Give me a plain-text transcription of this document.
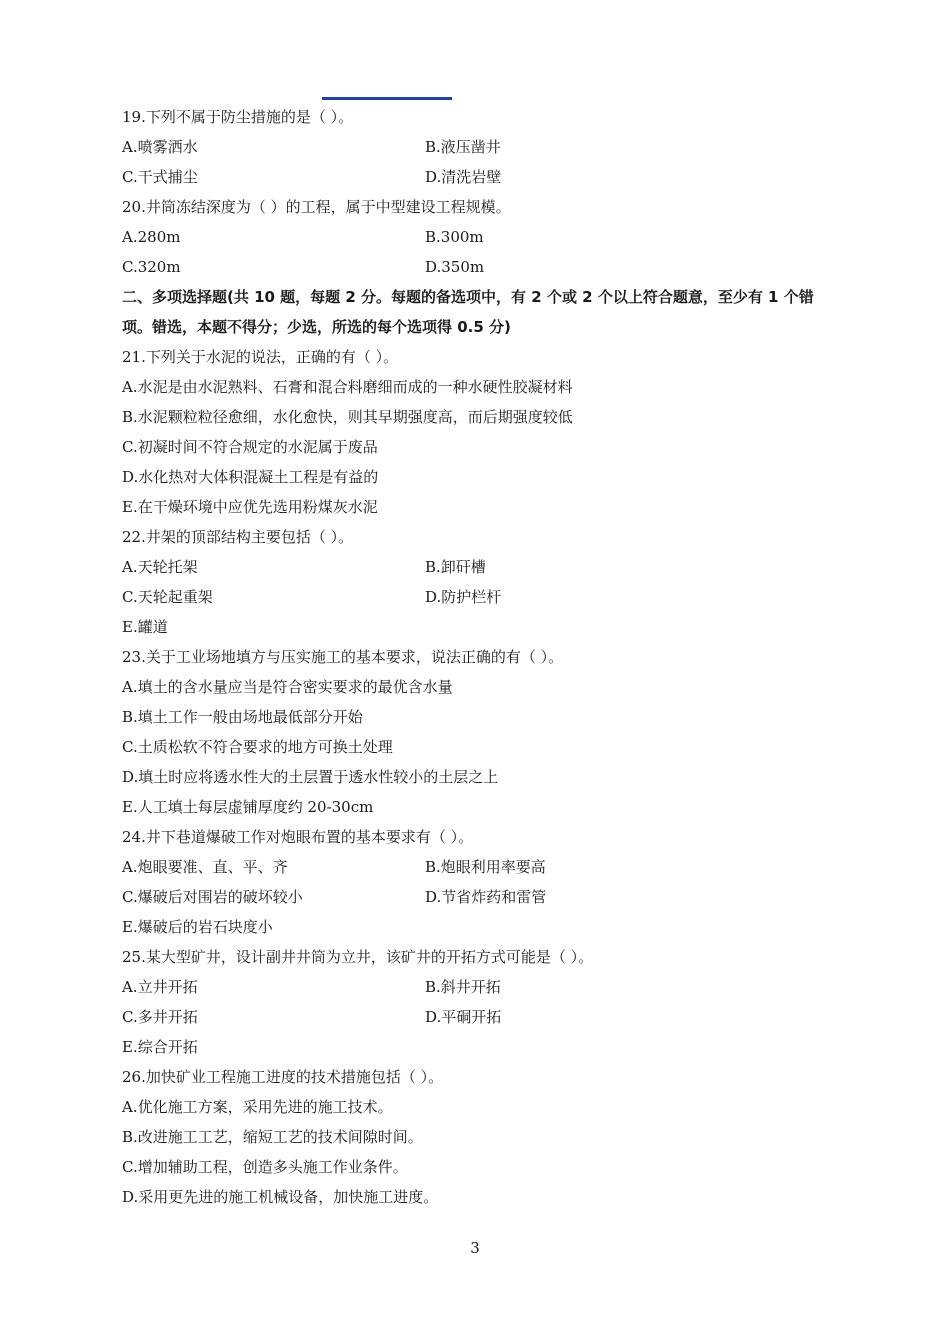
19.下列不属于防尘措施的是（ ）。
A.喷雾洒水	B.液压凿井
C.干式捕尘	D.清洗岩壁
20.井筒冻结深度为（ ）的工程，属于中型建设工程规模。
A.280m	B.300m
C.320m	D.350m
二、多项选择题(共 10 题，每题 2 分。每题的备选项中，有 2 个或 2 个以上符合题意，至少有 1 个错
项。错选，本题不得分；少选，所选的每个选项得 0.5 分)
21.下列关于水泥的说法，正确的有（ ）。
A.水泥是由水泥熟料、石膏和混合料磨细而成的一种水硬性胶凝材料
B.水泥颗粒粒径愈细，水化愈快，则其早期强度高，而后期强度较低
C.初凝时间不符合规定的水泥属于废品
D.水化热对大体积混凝土工程是有益的
E.在干燥环境中应优先选用粉煤灰水泥
22.井架的顶部结构主要包括（ ）。
A.天轮托架	B.卸矸槽
C.天轮起重架	D.防护栏杆
E.罐道
23.关于工业场地填方与压实施工的基本要求，说法正确的有（ ）。
A.填土的含水量应当是符合密实要求的最优含水量
B.填土工作一般由场地最低部分开始
C.土质松软不符合要求的地方可换土处理
D.填土时应将透水性大的土层置于透水性较小的土层之上
E.人工填土每层虚铺厚度约 20-30cm
24.井下巷道爆破工作对炮眼布置的基本要求有（ ）。
A.炮眼要准、直、平、齐	B.炮眼利用率要高
C.爆破后对围岩的破坏较小	D.节省炸药和雷管
E.爆破后的岩石块度小
25.某大型矿井，设计副井井筒为立井，该矿井的开拓方式可能是（ ）。
A.立井开拓	B.斜井开拓
C.多井开拓	D.平硐开拓
E.综合开拓
26.加快矿业工程施工进度的技术措施包括（ ）。
A.优化施工方案，采用先进的施工技术。
B.改进施工工艺，缩短工艺的技术间隙时间。
C.增加辅助工程，创造多头施工作业条件。
D.采用更先进的施工机械设备，加快施工进度。
3
